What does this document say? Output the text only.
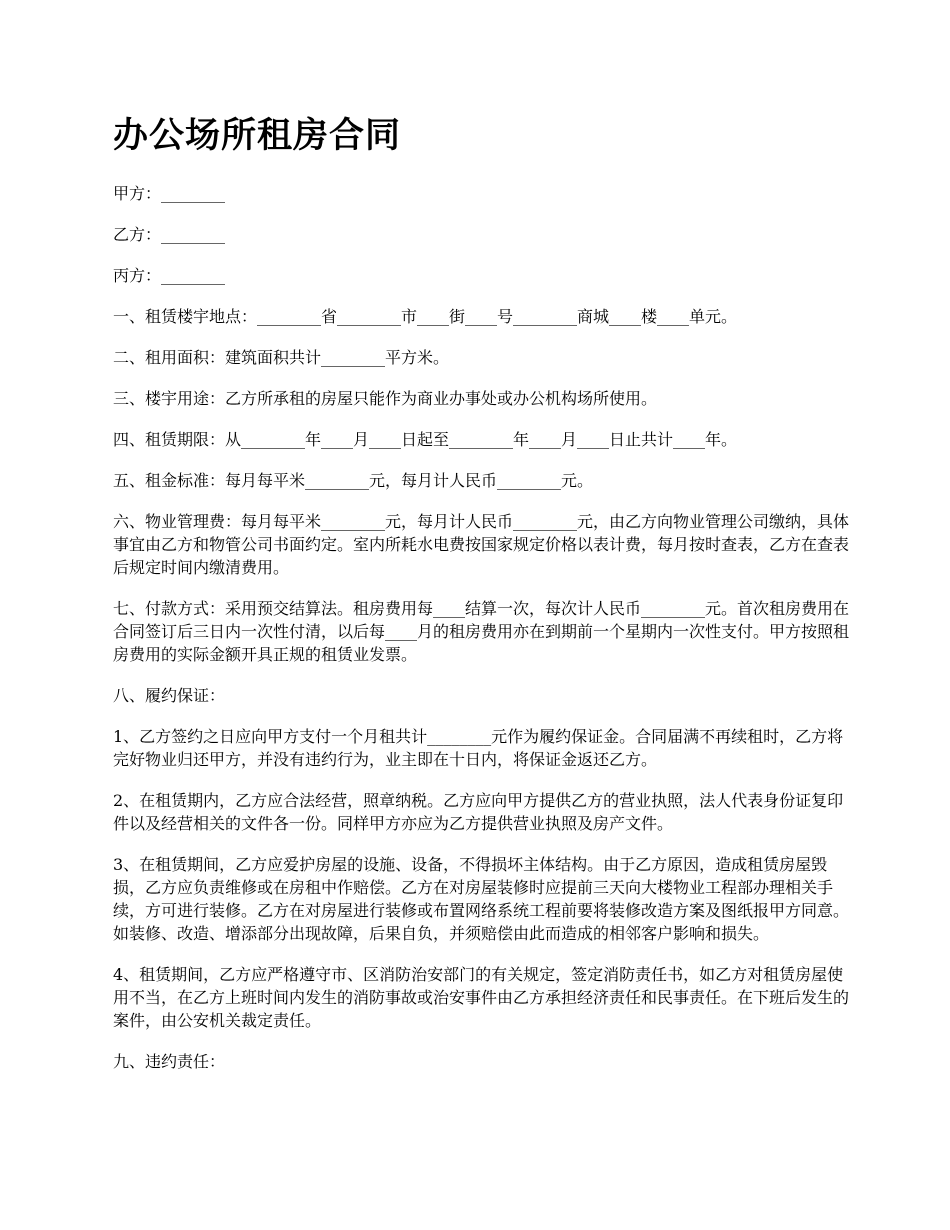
办公场所租房合同

甲方：________

乙方：________

丙方：________

一、租赁楼宇地点：________省________市____街____号________商城____楼____单元。

二、租用面积：建筑面积共计________平方米。

三、楼宇用途：乙方所承租的房屋只能作为商业办事处或办公机构场所使用。

四、租赁期限：从________年____月____日起至________年____月____日止共计____年。

五、租金标准：每月每平米________元，每月计人民币________元。

六、物业管理费：每月每平米________元，每月计人民币________元，由乙方向物业管理公司缴纳，具体事宜由乙方和物管公司书面约定。室内所耗水电费按国家规定价格以表计费，每月按时查表，乙方在查表后规定时间内缴清费用。

七、付款方式：采用预交结算法。租房费用每____结算一次，每次计人民币________元。首次租房费用在合同签订后三日内一次性付清，以后每____月的租房费用亦在到期前一个星期内一次性支付。甲方按照租房费用的实际金额开具正规的租赁业发票。

八、履约保证：

1、乙方签约之日应向甲方支付一个月租共计________元作为履约保证金。合同届满不再续租时，乙方将完好物业归还甲方，并没有违约行为，业主即在十日内，将保证金返还乙方。

2、在租赁期内，乙方应合法经营，照章纳税。乙方应向甲方提供乙方的营业执照，法人代表身份证复印件以及经营相关的文件各一份。同样甲方亦应为乙方提供营业执照及房产文件。

3、在租赁期间，乙方应爱护房屋的设施、设备，不得损坏主体结构。由于乙方原因，造成租赁房屋毁损，乙方应负责维修或在房租中作赔偿。乙方在对房屋装修时应提前三天向大楼物业工程部办理相关手续，方可进行装修。乙方在对房屋进行装修或布置网络系统工程前要将装修改造方案及图纸报甲方同意。如装修、改造、增添部分出现故障，后果自负，并须赔偿由此而造成的相邻客户影响和损失。

4、租赁期间，乙方应严格遵守市、区消防治安部门的有关规定，签定消防责任书，如乙方对租赁房屋使用不当，在乙方上班时间内发生的消防事故或治安事件由乙方承担经济责任和民事责任。在下班后发生的案件，由公安机关裁定责任。

九、违约责任：
